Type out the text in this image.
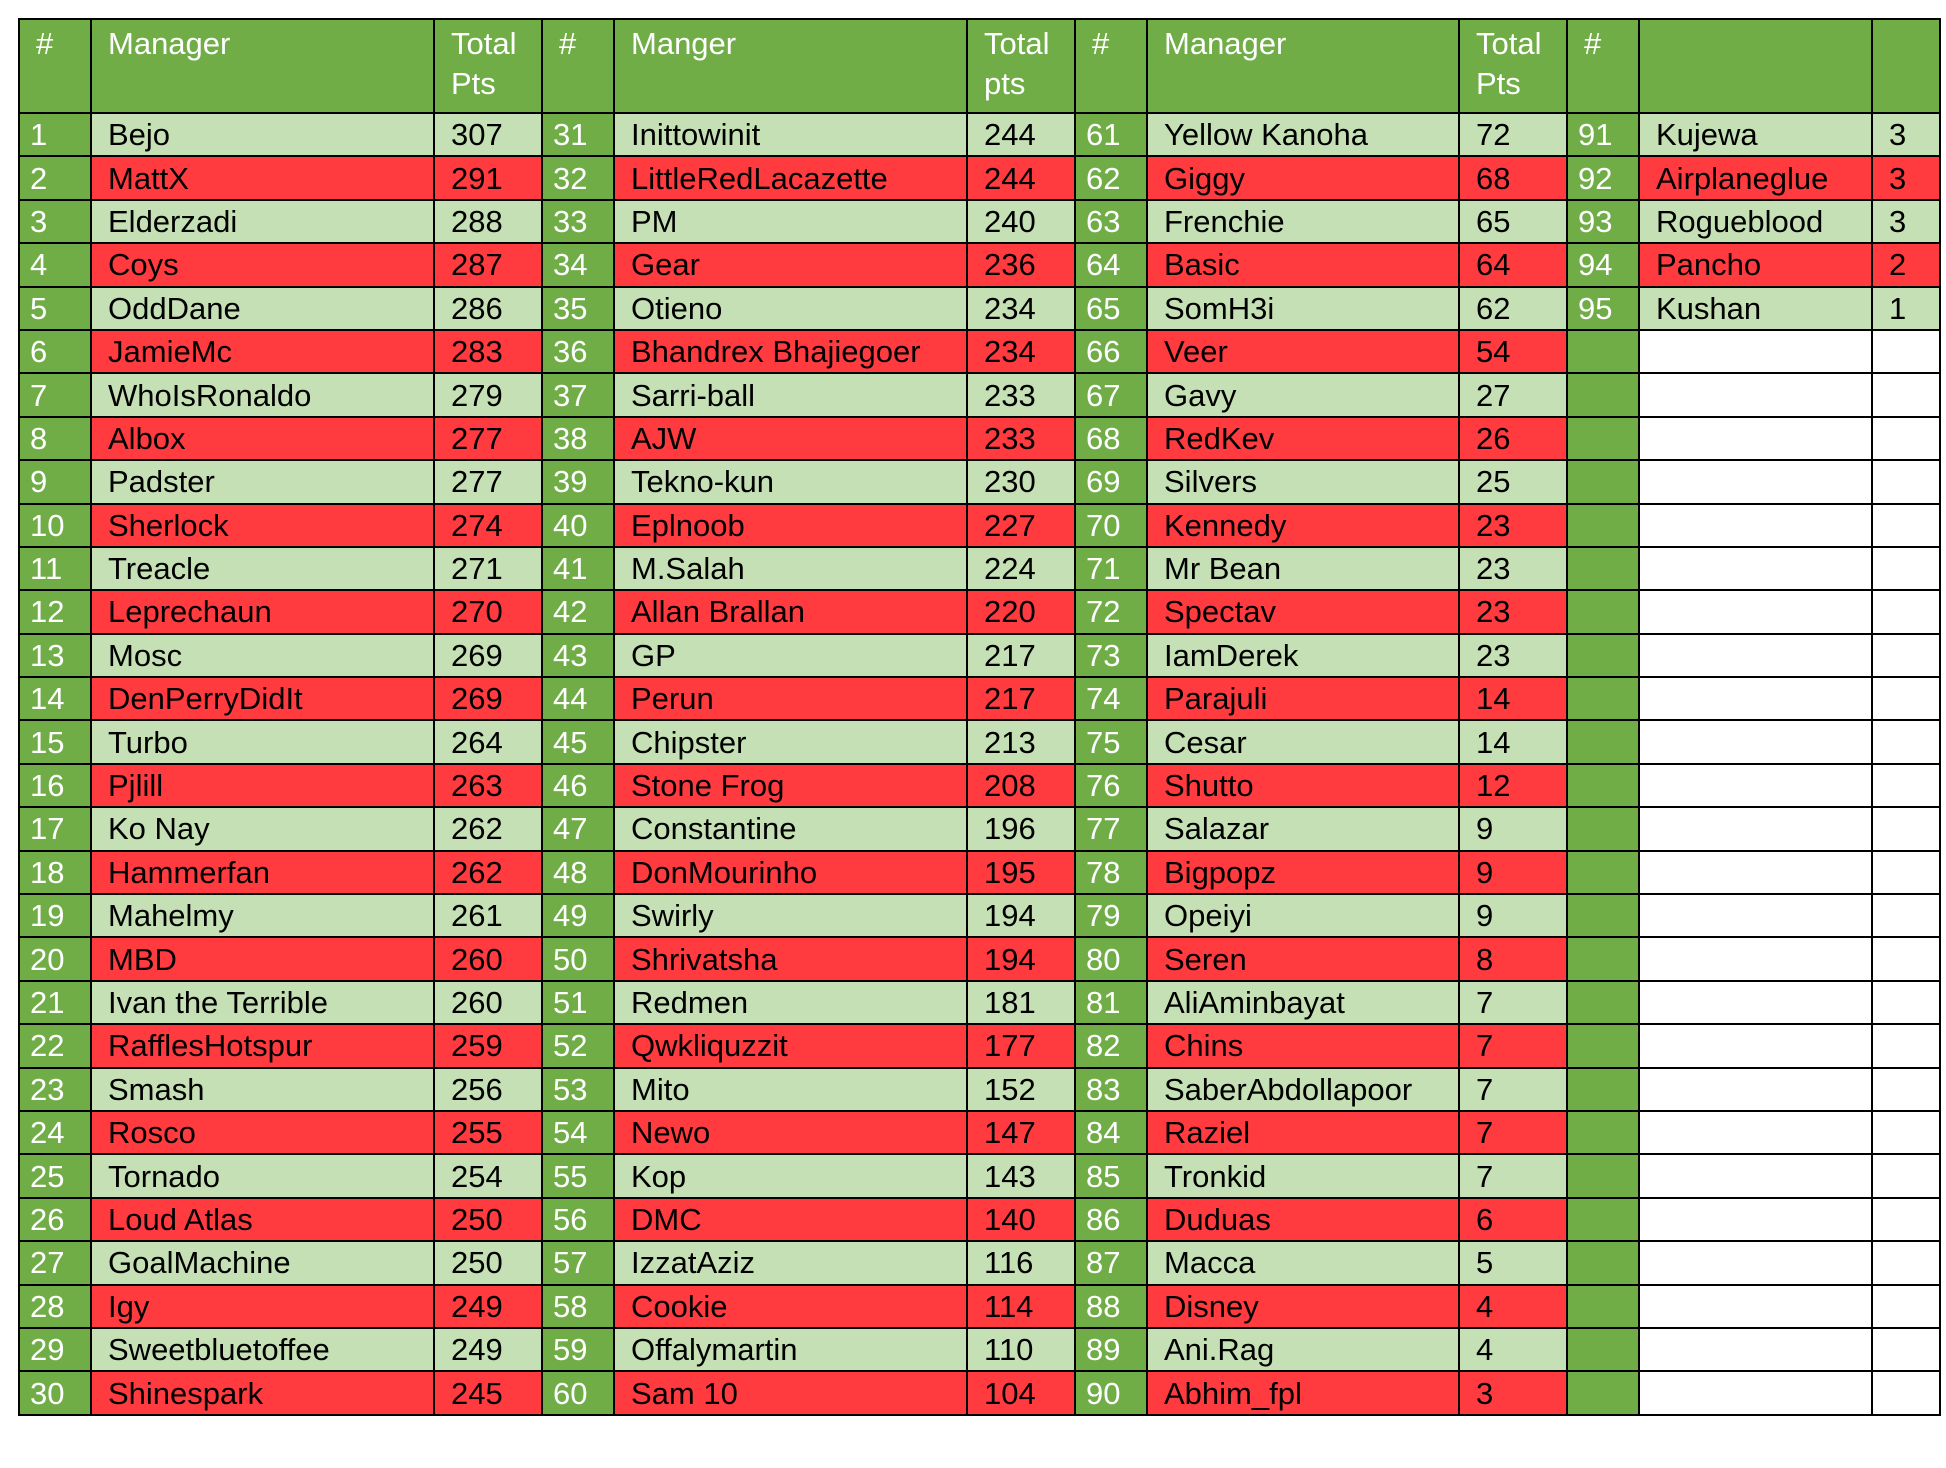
#	Manager	Total Pts	#	Manger	Total pts	#	Manager	Total Pts	#		
1	Bejo	307	31	Inittowinit	244	61	Yellow Kanoha	72	91	Kujewa	3
2	MattX	291	32	LittleRedLacazette	244	62	Giggy	68	92	Airplaneglue	3
3	Elderzadi	288	33	PM	240	63	Frenchie	65	93	Rogueblood	3
4	Coys	287	34	Gear	236	64	Basic	64	94	Pancho	2
5	OddDane	286	35	Otieno	234	65	SomH3i	62	95	Kushan	1
6	JamieMc	283	36	Bhandrex Bhajiegoer	234	66	Veer	54			
7	WhoIsRonaldo	279	37	Sarri-ball	233	67	Gavy	27			
8	Albox	277	38	AJW	233	68	RedKev	26			
9	Padster	277	39	Tekno-kun	230	69	Silvers	25			
10	Sherlock	274	40	Eplnoob	227	70	Kennedy	23			
11	Treacle	271	41	M.Salah	224	71	Mr Bean	23			
12	Leprechaun	270	42	Allan Brallan	220	72	Spectav	23			
13	Mosc	269	43	GP	217	73	IamDerek	23			
14	DenPerryDidIt	269	44	Perun	217	74	Parajuli	14			
15	Turbo	264	45	Chipster	213	75	Cesar	14			
16	Pjlill	263	46	Stone Frog	208	76	Shutto	12			
17	Ko Nay	262	47	Constantine	196	77	Salazar	9			
18	Hammerfan	262	48	DonMourinho	195	78	Bigpopz	9			
19	Mahelmy	261	49	Swirly	194	79	Opeiyi	9			
20	MBD	260	50	Shrivatsha	194	80	Seren	8			
21	Ivan the Terrible	260	51	Redmen	181	81	AliAminbayat	7			
22	RafflesHotspur	259	52	Qwkliquzzit	177	82	Chins	7			
23	Smash	256	53	Mito	152	83	SaberAbdollapoor	7			
24	Rosco	255	54	Newo	147	84	Raziel	7			
25	Tornado	254	55	Kop	143	85	Tronkid	7			
26	Loud Atlas	250	56	DMC	140	86	Duduas	6			
27	GoalMachine	250	57	IzzatAziz	116	87	Macca	5			
28	Igy	249	58	Cookie	114	88	Disney	4			
29	Sweetbluetoffee	249	59	Offalymartin	110	89	Ani.Rag	4			
30	Shinespark	245	60	Sam 10	104	90	Abhim_fpl	3			
